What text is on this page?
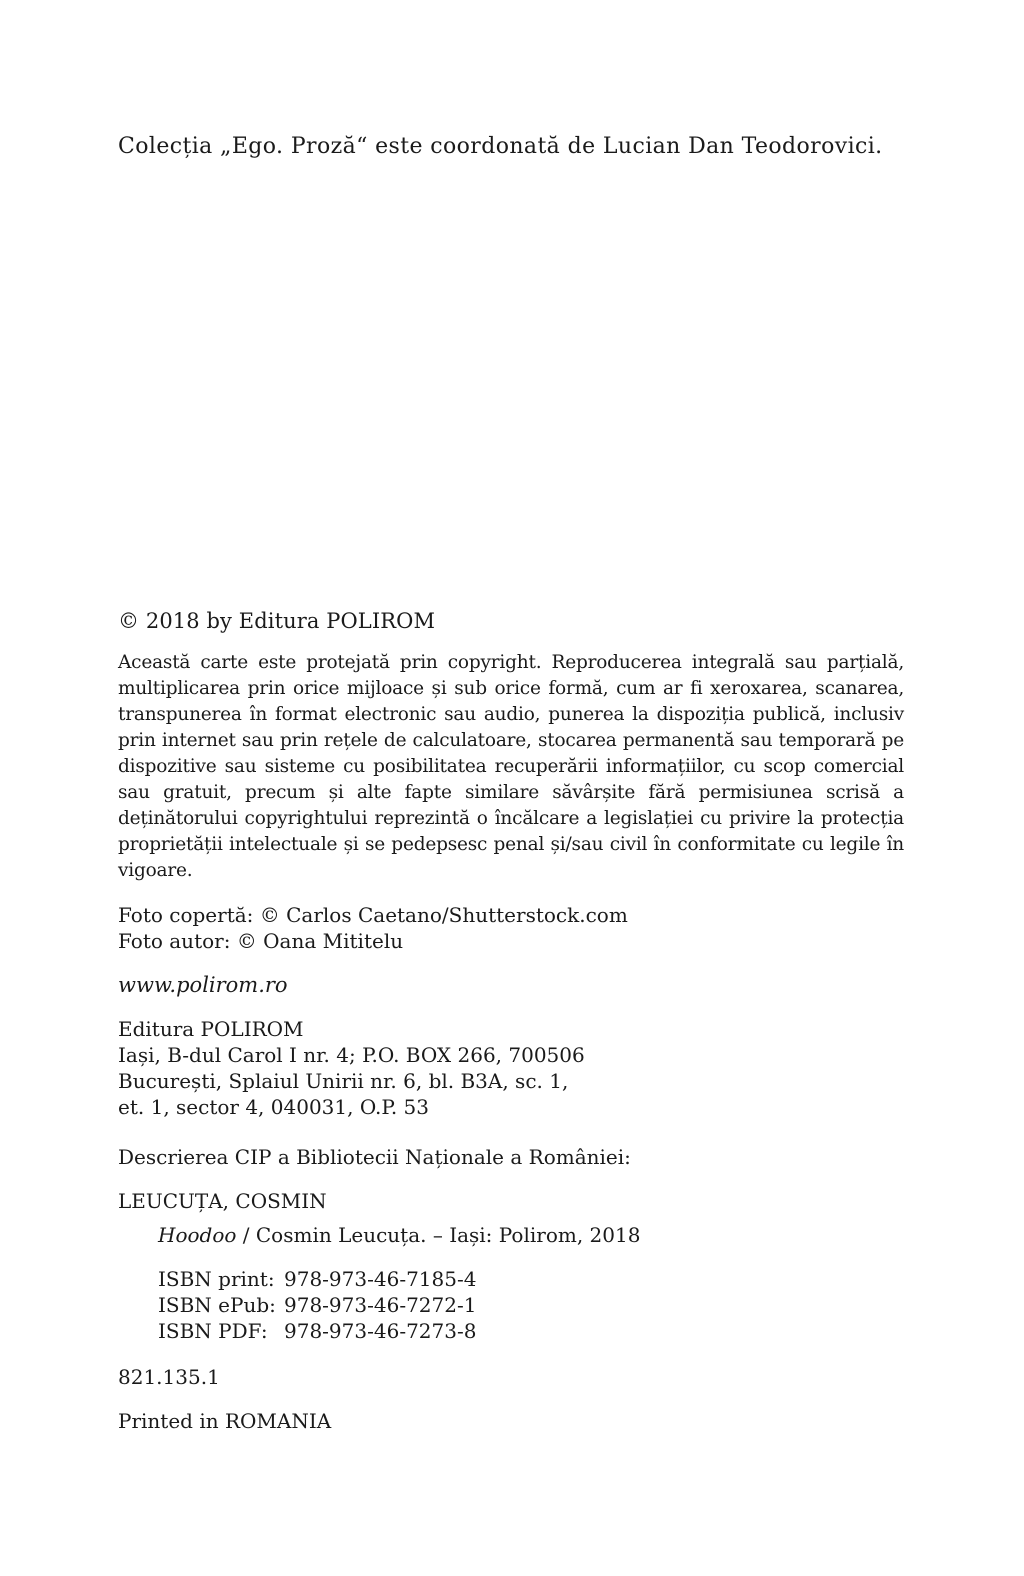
Colecția „Ego. Proză“ este coordonată de Lucian Dan Teodorovici.

© 2018 by Editura POLIROM

Această carte este protejată prin copyright. Reproducerea integrală sau parțială, multiplicarea prin orice mijloace și sub orice formă, cum ar fi xeroxarea, scanarea, transpunerea în format electronic sau audio, punerea la dispoziția publică, inclusiv prin internet sau prin rețele de calculatoare, stocarea permanentă sau temporară pe dispozitive sau sisteme cu posibilitatea recuperării informațiilor, cu scop comercial sau gratuit, precum și alte fapte similare săvârșite fără permisiunea scrisă a deținătorului copyrightului reprezintă o încălcare a legislației cu privire la protecția proprietății intelectuale și se pedepsesc penal și/sau civil în conformitate cu legile în vigoare.

Foto copertă: © Carlos Caetano/Shutterstock.com
Foto autor: © Oana Mititelu
www.polirom.ro
Editura POLIROM
Iași, B-dul Carol I nr. 4; P.O. BOX 266, 700506
București, Splaiul Unirii nr. 6, bl. B3A, sc. 1,
et. 1, sector 4, 040031, O.P. 53
Descrierea CIP a Bibliotecii Naționale a României:
LEUCUȚA, COSMIN
Hoodoo / Cosmin Leucuța. – Iași: Polirom, 2018
ISBN print: 978-973-46-7185-4
ISBN ePub: 978-973-46-7272-1
ISBN PDF: 978-973-46-7273-8
821.135.1
Printed in ROMANIA
